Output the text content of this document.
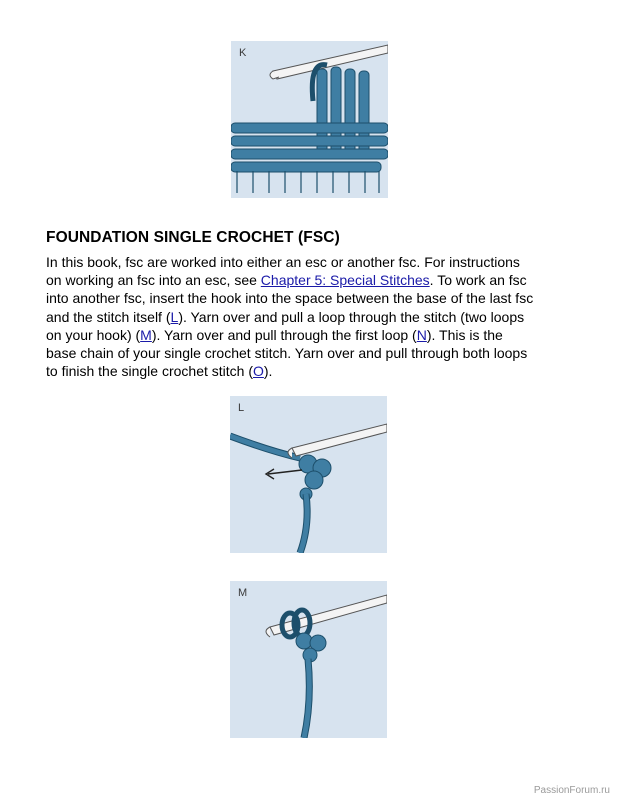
K
FOUNDATION SINGLE CROCHET (FSC)

In this book, fsc are worked into either an esc or another fsc. For instructions
on working an fsc into an esc, see Chapter 5: Special Stitches. To work an fsc
into another fsc, insert the hook into the space between the base of the last fsc
and the stitch itself (L). Yarn over and pull a loop through the stitch (two loops
on your hook) (M). Yarn over and pull through the first loop (N). This is the
base chain of your single crochet stitch. Yarn over and pull through both loops
to finish the single crochet stitch (O).

L
M
PassionForum.ru
